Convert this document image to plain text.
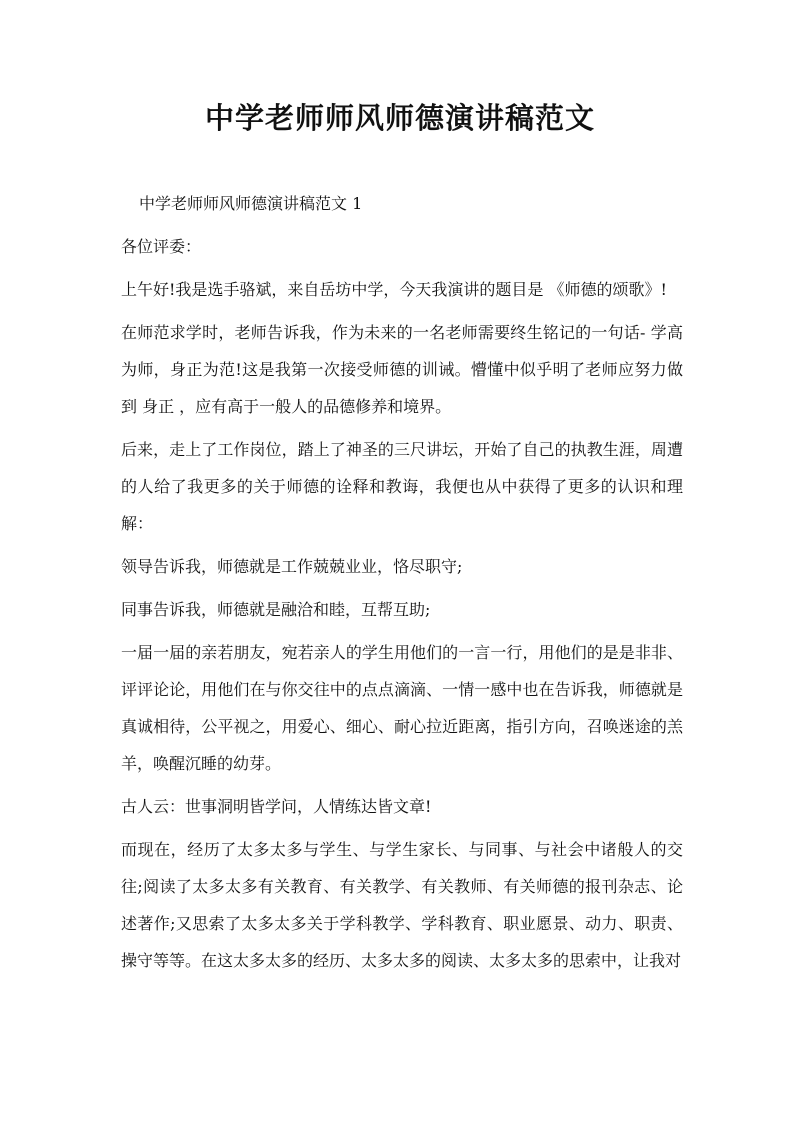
中学老师师风师德演讲稿范文

中学老师师风师德演讲稿范文 1

各位评委：

上午好!我是选手骆斌，来自岳坊中学，今天我演讲的题目是 《师德的颂歌》!

在师范求学时，老师告诉我，作为未来的一名老师需要终生铭记的一句话- 学高为师，身正为范!这是我第一次接受师德的训诫。懵懂中似乎明了老师应努力做到 身正 ，应有高于一般人的品德修养和境界。

后来，走上了工作岗位，踏上了神圣的三尺讲坛，开始了自己的执教生涯，周遭的人给了我更多的关于师德的诠释和教诲，我便也从中获得了更多的认识和理解：

领导告诉我，师德就是工作兢兢业业，恪尽职守;

同事告诉我，师德就是融洽和睦，互帮互助;

一届一届的亲若朋友，宛若亲人的学生用他们的一言一行，用他们的是是非非、评评论论，用他们在与你交往中的点点滴滴、一情一感中也在告诉我，师德就是真诚相待，公平视之，用爱心、细心、耐心拉近距离，指引方向，召唤迷途的羔羊，唤醒沉睡的幼芽。

古人云：世事洞明皆学问，人情练达皆文章!

而现在，经历了太多太多与学生、与学生家长、与同事、与社会中诸般人的交往;阅读了太多太多有关教育、有关教学、有关教师、有关师德的报刊杂志、论述著作;又思索了太多太多关于学科教学、学科教育、职业愿景、动力、职责、操守等等。在这太多太多的经历、太多太多的阅读、太多太多的思索中，让我对
